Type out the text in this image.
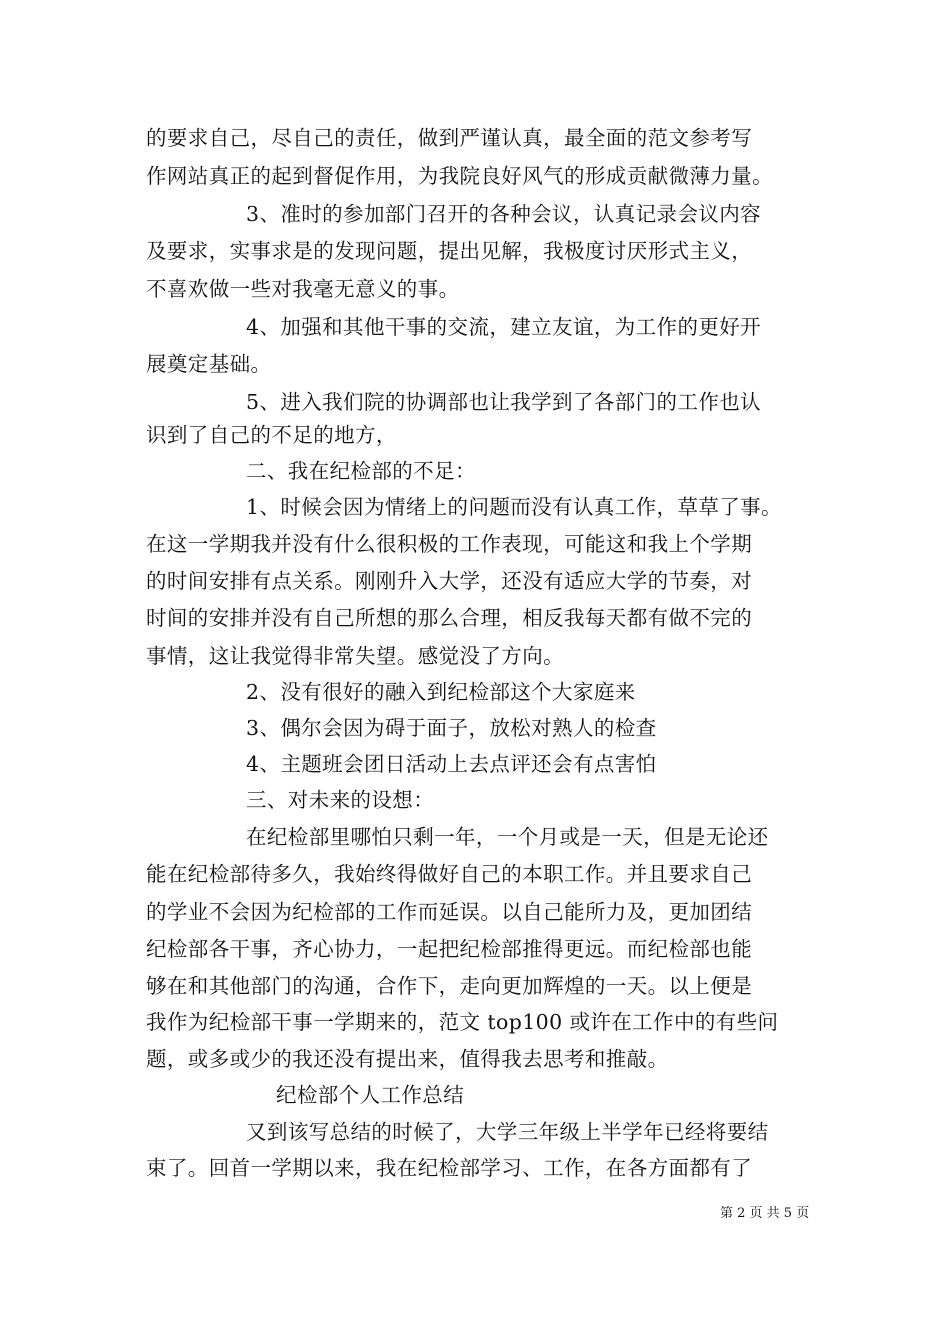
的要求自己，尽自己的责任，做到严谨认真，最全面的范文参考写
作网站真正的起到督促作用，为我院良好风气的形成贡献微薄力量。
3、准时的参加部门召开的各种会议，认真记录会议内容
及要求，实事求是的发现问题，提出见解，我极度讨厌形式主义，
不喜欢做一些对我毫无意义的事。
4、加强和其他干事的交流，建立友谊，为工作的更好开
展奠定基础。
5、进入我们院的协调部也让我学到了各部门的工作也认
识到了自己的不足的地方，
二、我在纪检部的不足：
1、时候会因为情绪上的问题而没有认真工作，草草了事。
在这一学期我并没有什么很积极的工作表现，可能这和我上个学期
的时间安排有点关系。刚刚升入大学，还没有适应大学的节奏，对
时间的安排并没有自己所想的那么合理，相反我每天都有做不完的
事情，这让我觉得非常失望。感觉没了方向。
2、没有很好的融入到纪检部这个大家庭来
3、偶尔会因为碍于面子，放松对熟人的检查
4、主题班会团日活动上去点评还会有点害怕
三、对未来的设想：
在纪检部里哪怕只剩一年，一个月或是一天，但是无论还
能在纪检部待多久，我始终得做好自己的本职工作。并且要求自己
的学业不会因为纪检部的工作而延误。以自己能所力及，更加团结
纪检部各干事，齐心协力，一起把纪检部推得更远。而纪检部也能
够在和其他部门的沟通，合作下，走向更加辉煌的一天。以上便是
我作为纪检部干事一学期来的，范文 top100 或许在工作中的有些问
题，或多或少的我还没有提出来，值得我去思考和推敲。
纪检部个人工作总结
又到该写总结的时候了，大学三年级上半学年已经将要结
束了。回首一学期以来，我在纪检部学习、工作，在各方面都有了
第 2 页 共 5 页
